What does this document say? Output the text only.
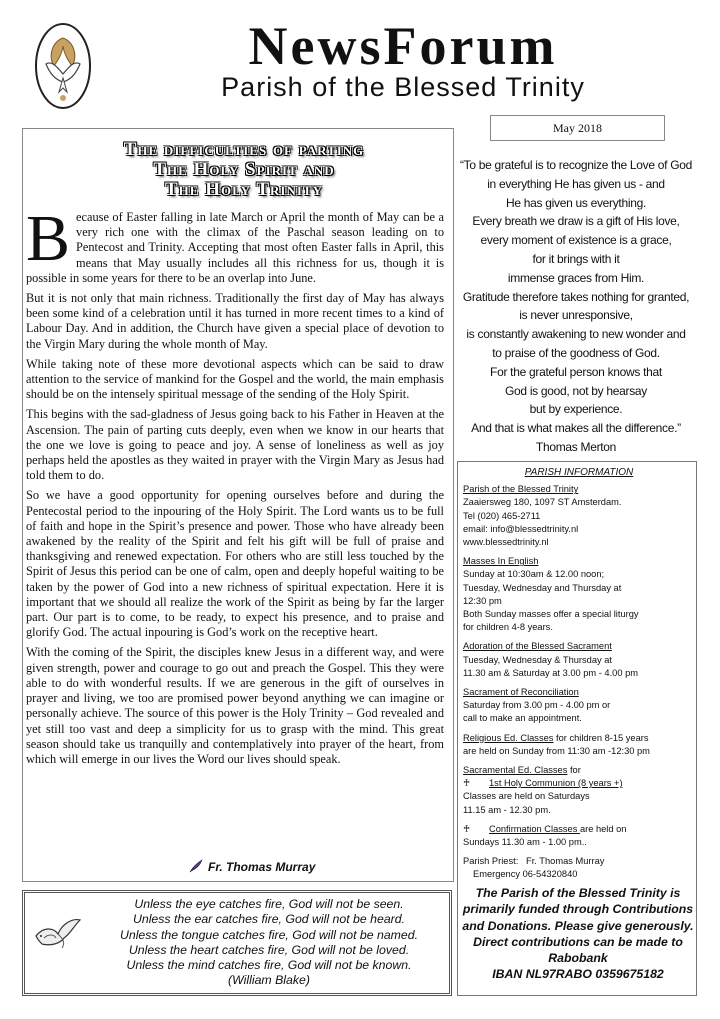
NewsForum
Parish of the Blessed Trinity
The difficulties of parting
The Holy Spirit and
The Holy Trinity

Because of Easter falling in late March or April the month of May can be a very rich one with the climax of the Paschal season leading on to Pentecost and Trinity. Accepting that most often Easter falls in April, this means that May usually includes all this richness for us, though it is possible in some years for there to be an overlap into June.

But it is not only that main richness. Traditionally the first day of May has always been some kind of a celebration until it has turned in more recent times to a kind of Labour Day. And in addition, the Church have given a special place of devotion to the Virgin Mary during the whole month of May.

While taking note of these more devotional aspects which can be said to draw attention to the service of mankind for the Gospel and the world, the main emphasis should be on the intensely spiritual message of the sending of the Holy Spirit.

This begins with the sad-gladness of Jesus going back to his Father in Heaven at the Ascension. The pain of parting cuts deeply, even when we know in our hearts that the one we love is going to peace and joy. A sense of loneliness as well as joy perhaps held the apostles as they waited in prayer with the Virgin Mary as Jesus had told them to do.

So we have a good opportunity for opening ourselves before and during the Pentecostal period to the inpouring of the Holy Spirit. The Lord wants us to be full of faith and hope in the Spirit’s presence and power. Those who have already been awakened by the reality of the Spirit and felt his gift will be full of praise and thanksgiving and renewed expectation. For others who are still less touched by the Spirit of Jesus this period can be one of calm, open and deeply hopeful waiting to be taken by the power of God into a new richness of spiritual expectation. Here it is important that we should all realize the work of the Spirit as being by far the larger part. Our part is to come, to be ready, to expect his presence, and to praise and glorify God. The actual inpouring is God’s work on the receptive heart.

With the coming of the Spirit, the disciples knew Jesus in a different way, and were given strength, power and courage to go out and preach the Gospel. This they were able to do with wonderful results. If we are generous in the gift of ourselves in prayer and living, we too are promised power beyond anything we can imagine or personally achieve. The source of this power is the Holy Trinity – God revealed and yet still too vast and deep a simplicity for us to grasp with the mind. This great season should take us tranquilly and contemplatively into prayer of the heart, from which will emerge in our lives the Word our lives should speak.

Fr. Thomas Murray
May 2018
“To be grateful is to recognize the Love of God
in everything He has given us - and
He has given us everything.
Every breath we draw is a gift of His love,
every moment of existence is a grace,
for it brings with it
immense graces from Him.
Gratitude therefore takes nothing for granted,
is never unresponsive,
is constantly awakening to new wonder and
to praise of the goodness of God.
For the grateful person knows that
God is good, not by hearsay
but by experience.
And that is what makes all the difference.”
Thomas Merton
PARISH INFORMATION
Parish of the Blessed Trinity
Zaaiersweg 180, 1097 ST Amsterdam.
Tel (020) 465-2711
email: info@blessedtrinity.nl
www.blessedtrinity.nl
Masses In English
Sunday at 10:30am & 12.00 noon;
Tuesday, Wednesday and Thursday at
12:30 pm
Both Sunday masses offer a special liturgy
for children 4-8 years.
Adoration of the Blessed Sacrament
Tuesday, Wednesday & Thursday at
11.30 am & Saturday at 3.00 pm - 4.00 pm
Sacrament of Reconciliation
Saturday from 3.00 pm - 4.00 pm or
call to make an appointment.
Religious Ed. Classes for children 8-15 years
are held on Sunday from 11:30 am -12:30 pm
Sacramental Ed. Classes for
♰ 1st Holy Communion (8 years +)
Classes are held on Saturdays
11.15 am - 12.30 pm.
♰ Confirmation Classes are held on
Sundays 11.30 am - 1.00 pm..
Parish Priest: Fr. Thomas Murray
Emergency 06-54320840
The Parish of the Blessed Trinity is
primarily funded through Contributions
and Donations. Please give generously.
Direct contributions can be made to
Rabobank
IBAN NL97RABO 0359675182
Unless the eye catches fire, God will not be seen.
Unless the ear catches fire, God will not be heard.
Unless the tongue catches fire, God will not be named.
Unless the heart catches fire, God will not be loved.
Unless the mind catches fire, God will not be known.
(William Blake)
